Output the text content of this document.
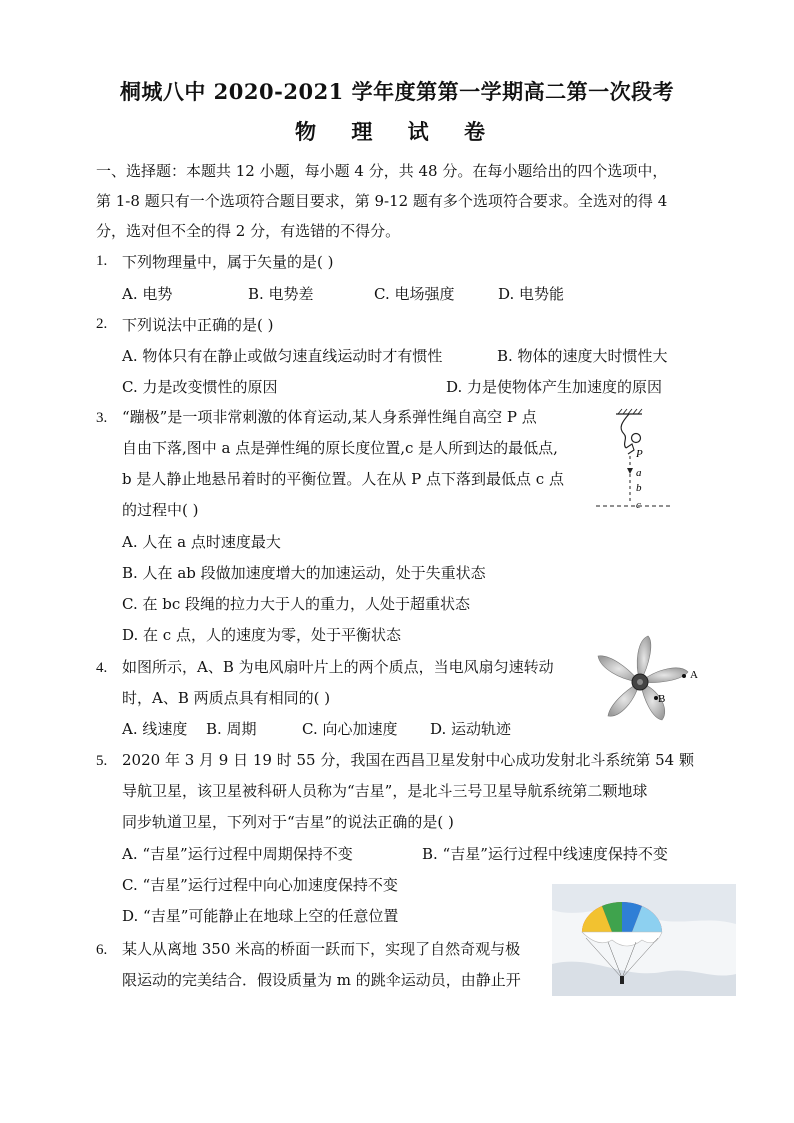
桐城八中 2020-2021 学年度第第一学期高二第一次段考
物 理 试 卷
一、选择题：本题共 12 小题，每小题 4 分，共 48 分。在每小题给出的四个选项中，
第 1-8 题只有一个选项符合题目要求，第 9-12 题有多个选项符合要求。全选对的得 4
分，选对但不全的得 2 分，有选错的不得分。
1. 下列物理量中，属于矢量的是( )
A. 电势	B. 电势差	C. 电场强度	D. 电势能
2. 下列说法中正确的是( )
A. 物体只有在静止或做匀速直线运动时才有惯性	B. 物体的速度大时惯性大
C. 力是改变惯性的原因	D. 力是使物体产生加速度的原因
3. “蹦极”是一项非常刺激的体育运动,某人身系弹性绳自高空 P 点
自由下落,图中 a 点是弹性绳的原长度位置,c 是人所到达的最低点,
b 是人静止地悬吊着时的平衡位置。人在从 P 点下落到最低点 c 点
的过程中( )
A. 人在 a 点时速度最大
B. 人在 ab 段做加速度增大的加速运动，处于失重状态
C. 在 bc 段绳的拉力大于人的重力，人处于超重状态
D. 在 c 点，人的速度为零，处于平衡状态
P
a
b
c
4. 如图所示，A、B 为电风扇叶片上的两个质点，当电风扇匀速转动
时，A、B 两质点具有相同的( )
A. 线速度 B. 周期	C. 向心加速度 D. 运动轨迹
A
B
5. 2020 年 3 月 9 日 19 时 55 分，我国在西昌卫星发射中心成功发射北斗系统第 54 颗
导航卫星，该卫星被科研人员称为“吉星”，是北斗三号卫星导航系统第二颗地球
同步轨道卫星，下列对于“吉星”的说法正确的是( )
A. “吉星”运行过程中周期保持不变	B. “吉星”运行过程中线速度保持不变
C. “吉星”运行过程中向心加速度保持不变
D. “吉星”可能静止在地球上空的任意位置
6. 某人从离地 350 米高的桥面一跃而下，实现了自然奇观与极
限运动的完美结合．假设质量为 m 的跳伞运动员，由静止开
